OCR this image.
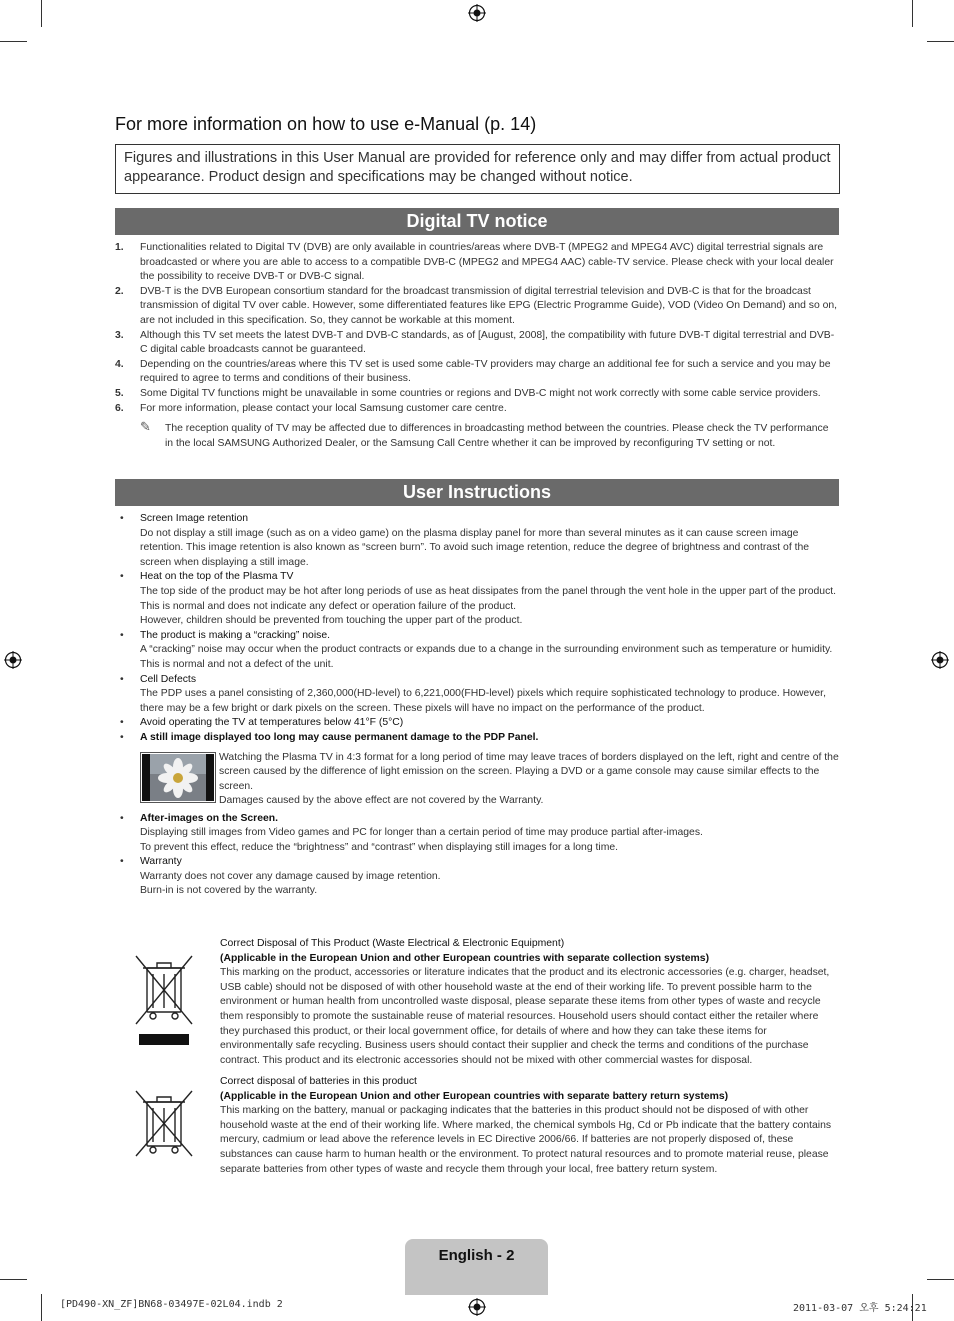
For more information on how to use e-Manual (p. 14)
Figures and illustrations in this User Manual are provided for reference only and may differ from actual product appearance. Product design and specifications may be changed without notice.
Digital TV notice
1. Functionalities related to Digital TV (DVB) are only available in countries/areas where DVB-T (MPEG2 and MPEG4 AVC) digital terrestrial signals are broadcasted or where you are able to access to a compatible DVB-C (MPEG2 and MPEG4 AAC) cable-TV service. Please check with your local dealer the possibility to receive DVB-T or DVB-C signal.
2. DVB-T is the DVB European consortium standard for the broadcast transmission of digital terrestrial television and DVB-C is that for the broadcast transmission of digital TV over cable. However, some differentiated features like EPG (Electric Programme Guide), VOD (Video On Demand) and so on, are not included in this specification. So, they cannot be workable at this moment.
3. Although this TV set meets the latest DVB-T and DVB-C standards, as of [August, 2008], the compatibility with future DVB-T digital terrestrial and DVB-C digital cable broadcasts cannot be guaranteed.
4. Depending on the countries/areas where this TV set is used some cable-TV providers may charge an additional fee for such a service and you may be required to agree to terms and conditions of their business.
5. Some Digital TV functions might be unavailable in some countries or regions and DVB-C might not work correctly with some cable service providers.
6. For more information, please contact your local Samsung customer care centre.
✎ The reception quality of TV may be affected due to differences in broadcasting method between the countries. Please check the TV performance in the local SAMSUNG Authorized Dealer, or the Samsung Call Centre whether it can be improved by reconfiguring TV setting or not.
User Instructions
• Screen Image retention
Do not display a still image (such as on a video game) on the plasma display panel for more than several minutes as it can cause screen image retention. This image retention is also known as “screen burn”. To avoid such image retention, reduce the degree of brightness and contrast of the screen when displaying a still image.
• Heat on the top of the Plasma TV
The top side of the product may be hot after long periods of use as heat dissipates from the panel through the vent hole in the upper part of the product.
This is normal and does not indicate any defect or operation failure of the product.
However, children should be prevented from touching the upper part of the product.
• The product is making a “cracking” noise.
A “cracking” noise may occur when the product contracts or expands due to a change in the surrounding environment such as temperature or humidity. This is normal and not a defect of the unit.
• Cell Defects
The PDP uses a panel consisting of 2,360,000(HD-level) to 6,221,000(FHD-level) pixels which require sophisticated technology to produce. However, there may be a few bright or dark pixels on the screen. These pixels will have no impact on the performance of the product.
• Avoid operating the TV at temperatures below 41°F (5°C)
• A still image displayed too long may cause permanent damage to the PDP Panel.
Watching the Plasma TV in 4:3 format for a long period of time may leave traces of borders displayed on the left, right and centre of the screen caused by the difference of light emission on the screen. Playing a DVD or a game console may cause similar effects to the screen.
Damages caused by the above effect are not covered by the Warranty.
• After-images on the Screen.
Displaying still images from Video games and PC for longer than a certain period of time may produce partial after-images.
To prevent this effect, reduce the “brightness” and “contrast” when displaying still images for a long time.
• Warranty
Warranty does not cover any damage caused by image retention.
Burn-in is not covered by the warranty.
Correct Disposal of This Product (Waste Electrical & Electronic Equipment)
(Applicable in the European Union and other European countries with separate collection systems)
This marking on the product, accessories or literature indicates that the product and its electronic accessories (e.g. charger, headset, USB cable) should not be disposed of with other household waste at the end of their working life. To prevent possible harm to the environment or human health from uncontrolled waste disposal, please separate these items from other types of waste and recycle them responsibly to promote the sustainable reuse of material resources. Household users should contact either the retailer where they purchased this product, or their local government office, for details of where and how they can take these items for environmentally safe recycling. Business users should contact their supplier and check the terms and conditions of the purchase contract. This product and its electronic accessories should not be mixed with other commercial wastes for disposal.
Correct disposal of batteries in this product
(Applicable in the European Union and other European countries with separate battery return systems)
This marking on the battery, manual or packaging indicates that the batteries in this product should not be disposed of with other household waste at the end of their working life. Where marked, the chemical symbols Hg, Cd or Pb indicate that the battery contains mercury, cadmium or lead above the reference levels in EC Directive 2006/66. If batteries are not properly disposed of, these substances can cause harm to human health or the environment. To protect natural resources and to promote material reuse, please separate batteries from other types of waste and recycle them through your local, free battery return system.
English - 2
[PD490-XN_ZF]BN68-03497E-02L04.indb 2	2011-03-07 오후 5:24:21
